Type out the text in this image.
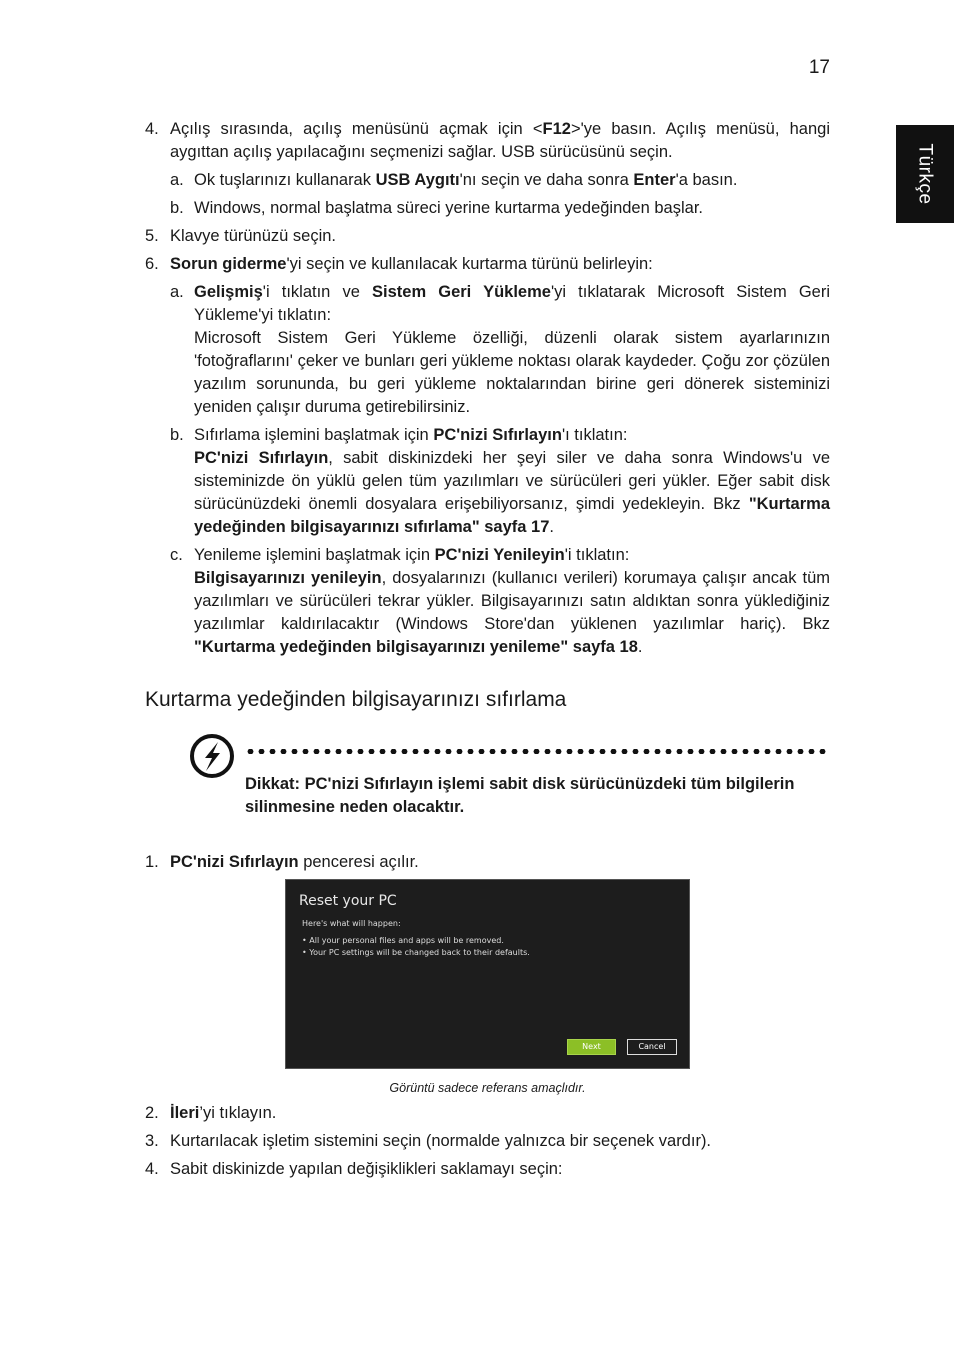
17
Türkçe
4. Açılış sırasında, açılış menüsünü açmak için <F12>'ye basın. Açılış menüsü, hangi aygıttan açılış yapılacağını seçmenizi sağlar. USB sürücüsünü seçin.
a. Ok tuşlarınızı kullanarak USB Aygıtı'nı seçin ve daha sonra Enter'a basın.
b. Windows, normal başlatma süreci yerine kurtarma yedeğinden başlar.
5. Klavye türünüzü seçin.
6. Sorun giderme'yi seçin ve kullanılacak kurtarma türünü belirleyin:
a. Gelişmiş'i tıklatın ve Sistem Geri Yükleme'yi tıklatarak Microsoft Sistem Geri Yükleme'yi tıklatın:
Microsoft Sistem Geri Yükleme özelliği, düzenli olarak sistem ayarlarınızın 'fotoğraflarını' çeker ve bunları geri yükleme noktası olarak kaydeder. Çoğu zor çözülen yazılım sorununda, bu geri yükleme noktalarından birine geri dönerek sisteminizi yeniden çalışır duruma getirebilirsiniz.
b. Sıfırlama işlemini başlatmak için PC'nizi Sıfırlayın'ı tıklatın:
PC'nizi Sıfırlayın, sabit diskinizdeki her şeyi siler ve daha sonra Windows'u ve sisteminizde ön yüklü gelen tüm yazılımları ve sürücüleri geri yükler. Eğer sabit disk sürücünüzdeki önemli dosyalara erişebiliyorsanız, şimdi yedekleyin. Bkz "Kurtarma yedeğinden bilgisayarınızı sıfırlama" sayfa 17.
c. Yenileme işlemini başlatmak için PC'nizi Yenileyin'i tıklatın:
Bilgisayarınızı yenileyin, dosyalarınızı (kullanıcı verileri) korumaya çalışır ancak tüm yazılımları ve sürücüleri tekrar yükler. Bilgisayarınızı satın aldıktan sonra yüklediğiniz yazılımlar kaldırılacaktır (Windows Store'dan yüklenen yazılımlar hariç). Bkz "Kurtarma yedeğinden bilgisayarınızı yenileme" sayfa 18.
Kurtarma yedeğinden bilgisayarınızı sıfırlama
Dikkat: PC'nizi Sıfırlayın işlemi sabit disk sürücünüzdeki tüm bilgilerin silinmesine neden olacaktır.
1. PC'nizi Sıfırlayın penceresi açılır.
Reset your PC
Here's what will happen:
• All your personal files and apps will be removed.
• Your PC settings will be changed back to their defaults.
Next	Cancel
Görüntü sadece referans amaçlıdır.
2. İleri’yi tıklayın.
3. Kurtarılacak işletim sistemini seçin (normalde yalnızca bir seçenek vardır).
4. Sabit diskinizde yapılan değişiklikleri saklamayı seçin:
